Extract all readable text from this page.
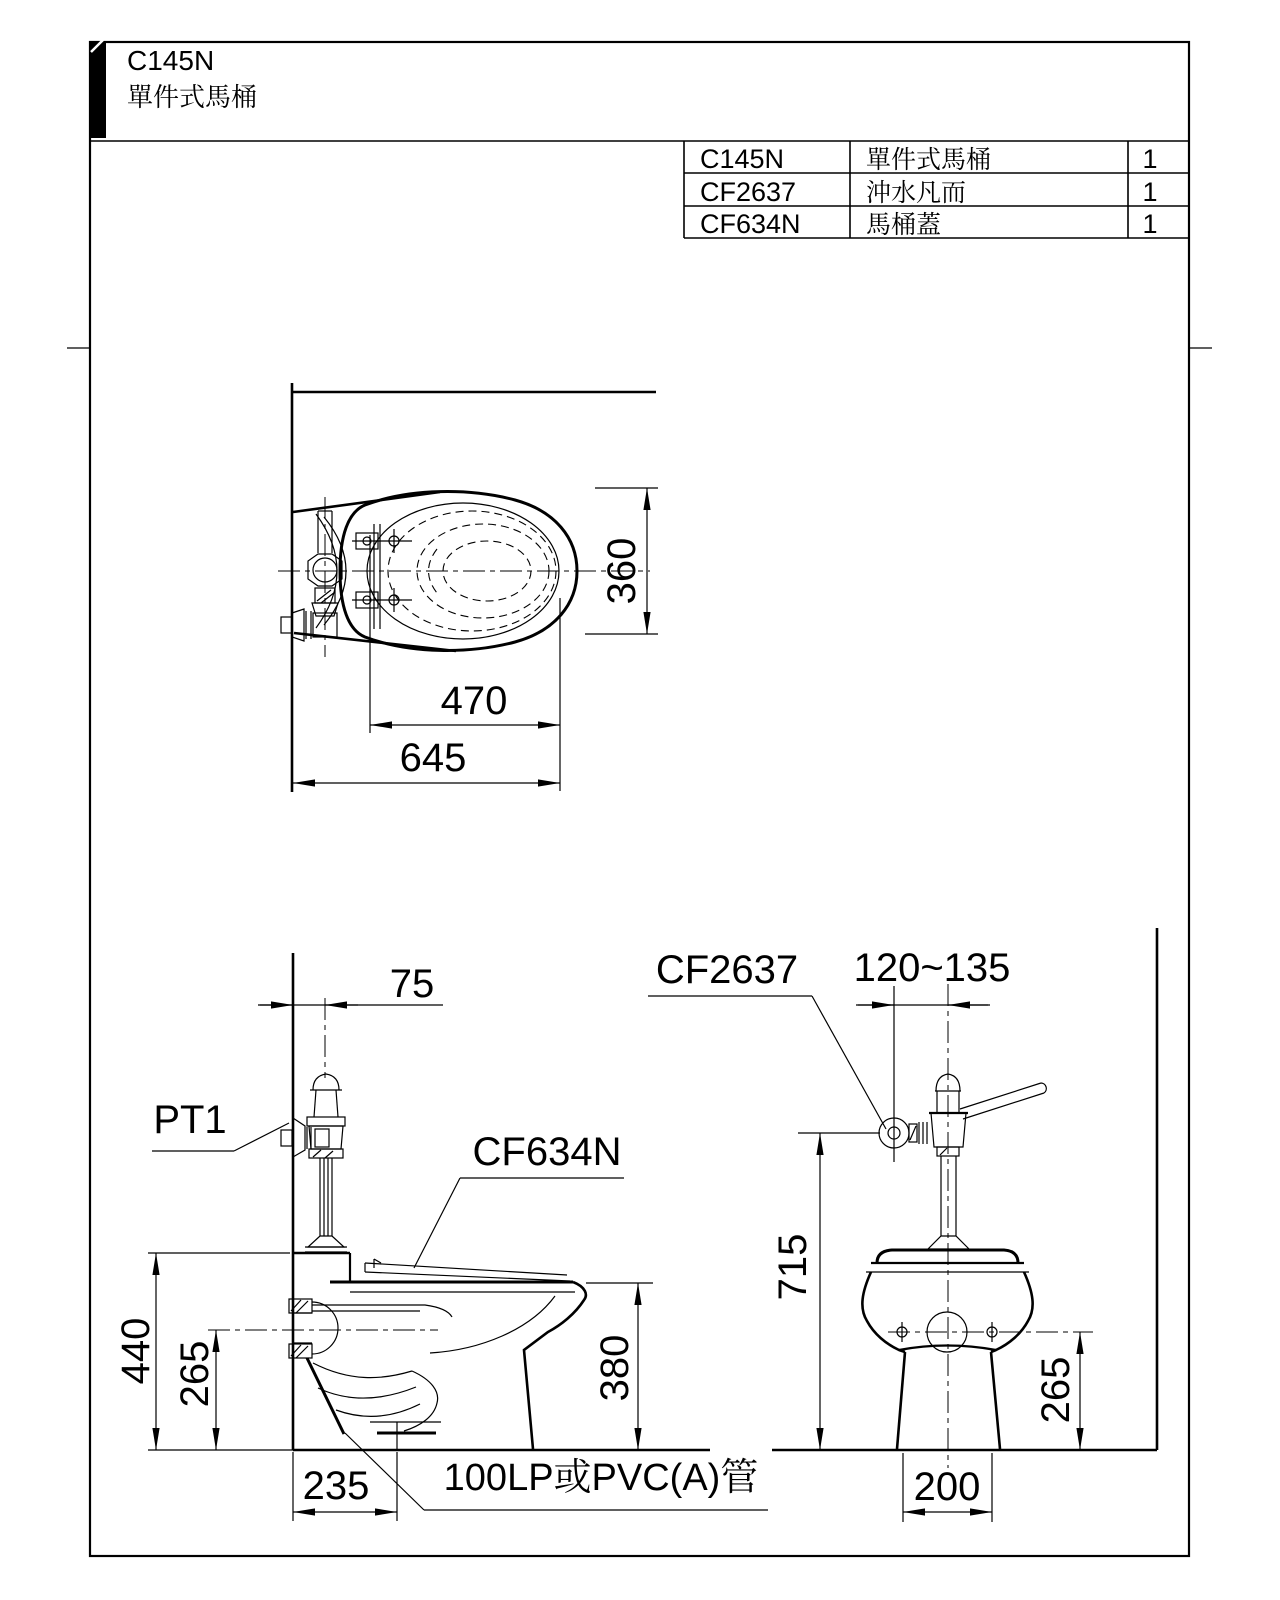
C145N
單件式馬桶
C145N	單件式馬桶	1
CF2637	沖水凡而	1
CF634N	馬桶蓋	1
360
470
645
75
PT1
CF634N
440 265	380
235 100LP或PVC(A)管
CF2637 120~135
715
265
200
